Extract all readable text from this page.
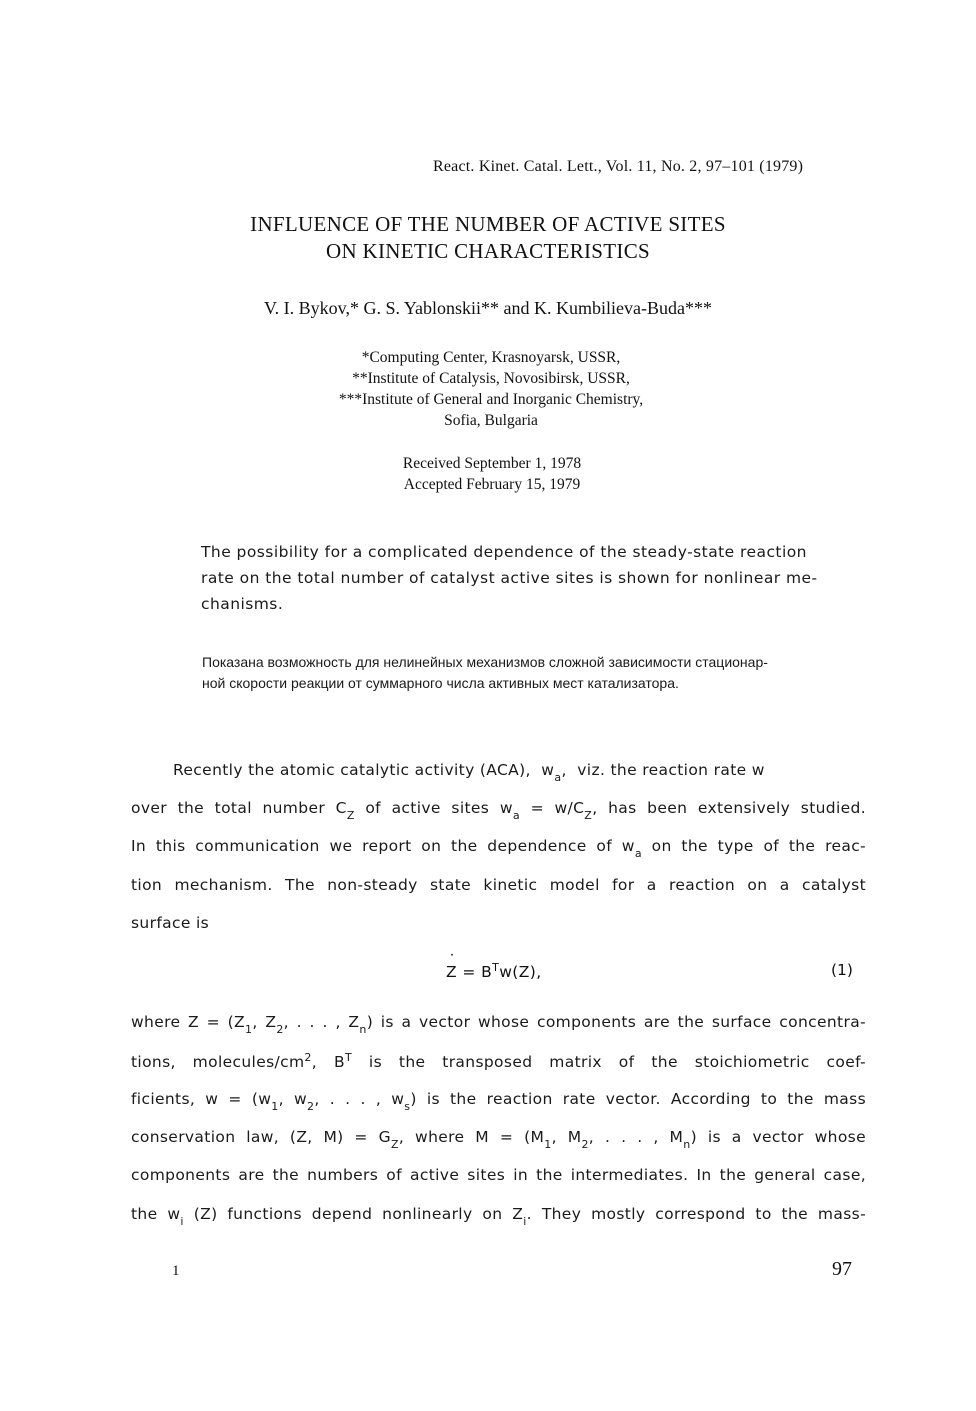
React. Kinet. Catal. Lett., Vol. 11, No. 2, 97–101 (1979)
INFLUENCE OF THE NUMBER OF ACTIVE SITES
ON KINETIC CHARACTERISTICS
V. I. Bykov,* G. S. Yablonskii** and K. Kumbilieva-Buda***
*Computing Center, Krasnoyarsk, USSR,
**Institute of Catalysis, Novosibirsk, USSR,
***Institute of General and Inorganic Chemistry,
Sofia, Bulgaria
Received September 1, 1978
Accepted February 15, 1979
The possibility for a complicated dependence of the steady-state reaction
rate on the total number of catalyst active sites is shown for nonlinear me-
chanisms.
Показана возможность для нелинейных механизмов сложной зависимости стационар-
ной скорости реакции от суммарного числа активных мест катализатора.
Recently the atomic catalytic activity (ACA),  $w_a$,  viz. the reaction rate w
over the total number $C_Z$ of active sites $w_a = w/C_Z$, has been extensively studied.
In this communication we report on the dependence of $w_a$ on the type of the reac-
tion mechanism. The non-steady state kinetic model for a reaction on a catalyst
surface is
˙ $Z = B^Tw(Z)$,	(1)
where $Z = (Z_1$, $Z_2$, . . . , $Z_n$) is a vector whose components are the surface concentra-
tions, molecules/$cm^2$, $B^T$ is the transposed matrix of the stoichiometric coef-
ficients, $w = (w_1$, $w_2$, . . . , $w_s$) is the reaction rate vector. According to the mass
conservation law, (Z, $M) = G_Z$, where $M = (M_1$, $M_2$, . . . , $M_n$) is a vector whose
components are the numbers of active sites in the intermediates. In the general case,
the $w_i$ (Z) functions depend nonlinearly on $Z_i$. They mostly correspond to the mass-
1	97
